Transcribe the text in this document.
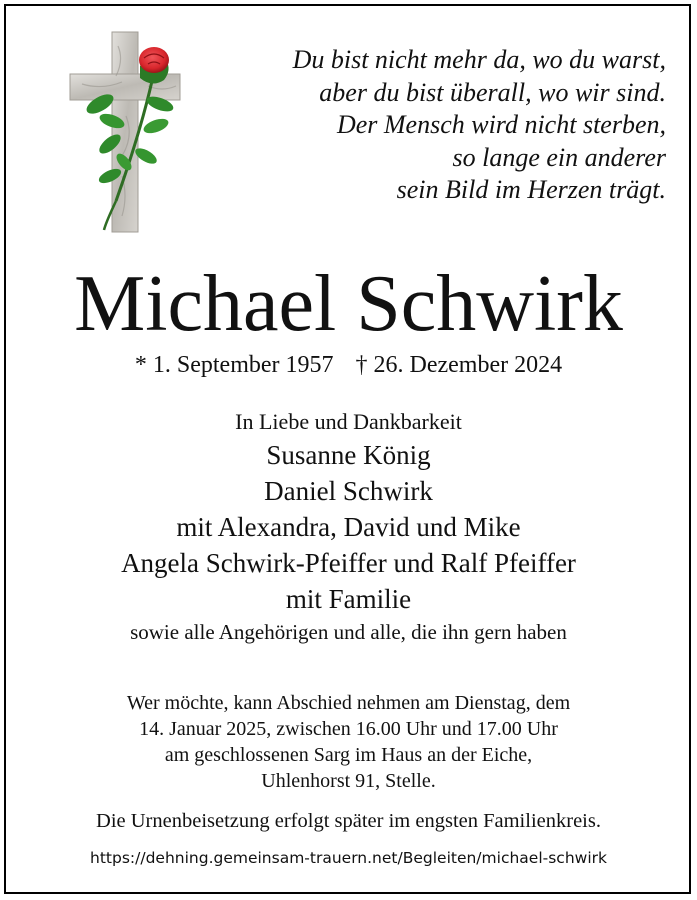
Du bist nicht mehr da, wo du warst,
aber du bist überall, wo wir sind.
Der Mensch wird nicht sterben,
so lange ein anderer
sein Bild im Herzen trägt.
Michael Schwirk
* 1. September 1957 † 26. Dezember 2024
In Liebe und Dankbarkeit
Susanne König
Daniel Schwirk
mit Alexandra, David und Mike
Angela Schwirk-Pfeiffer und Ralf Pfeiffer
mit Familie
sowie alle Angehörigen und alle, die ihn gern haben
Wer möchte, kann Abschied nehmen am Dienstag, dem
14. Januar 2025, zwischen 16.00 Uhr und 17.00 Uhr
am geschlossenen Sarg im Haus an der Eiche,
Uhlenhorst 91, Stelle.
Die Urnenbeisetzung erfolgt später im engsten Familienkreis.
https://dehning.gemeinsam-trauern.net/Begleiten/michael-schwirk
